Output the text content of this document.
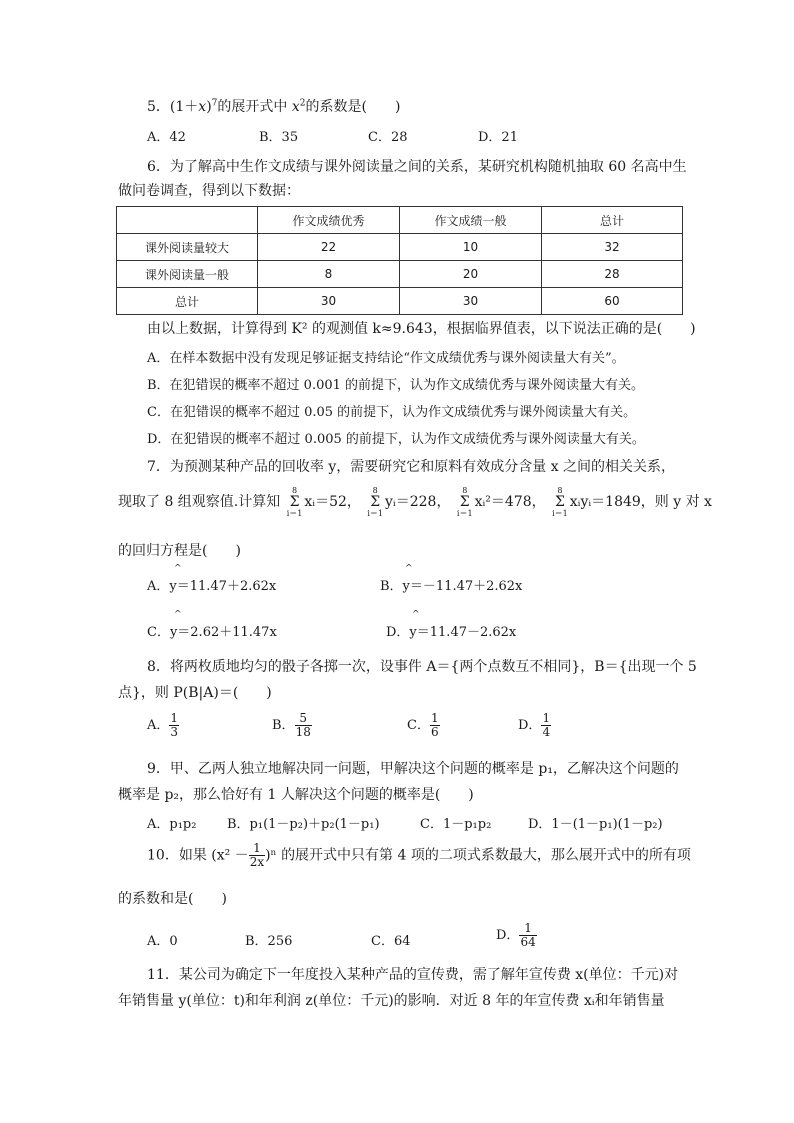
5．$(1+x)^7$的展开式中 $x^2$的系数是(　　)
A．42	B．35	C．28	D．21
6．为了解高中生作文成绩与课外阅读量之间的关系，某研究机构随机抽取 60 名高中生
做问卷调查，得到以下数据：
	作文成绩优秀	作文成绩一般	总计
课外阅读量较大	22	10	32
课外阅读量一般	8	20	28
总计	30	30	60
由以上数据，计算得到 K² 的观测值 k≈9.643，根据临界值表，以下说法正确的是(　　)
A．在样本数据中没有发现足够证据支持结论“作文成绩优秀与课外阅读量大有关”。
B．在犯错误的概率不超过 0.001 的前提下，认为作文成绩优秀与课外阅读量大有关。
C．在犯错误的概率不超过 0.05 的前提下，认为作文成绩优秀与课外阅读量大有关。
D．在犯错误的概率不超过 0.005 的前提下，认为作文成绩优秀与课外阅读量大有关。
7．为预测某种产品的回收率 y，需要研究它和原料有效成分含量 x 之间的相关关系，
现取了 8 组观察值.计算知 8
Σ
i＝1xᵢ＝52， 8
Σ
i＝1yᵢ＝228， 8
Σ
i＝1xᵢ²＝478， 8
Σ
i＝1xᵢyᵢ＝1849，则 y 对 x
的回归方程是(　　)
^
A．y＝11.47＋2.62x
^
B．y＝－11.47＋2.62x
^
C．y＝2.62＋11.47x
^
D．y＝11.47－2.62x
8．将两枚质地均匀的骰子各掷一次，设事件 A＝{两个点数互不相同}，B＝{出现一个 5
点}，则 P(B|A)＝(　　)
A． $\frac{1}{3}$	B． $\frac{5}{18}$	C． $\frac{1}{6}$	D． $\frac{1}{4}$
9．甲、乙两人独立地解决同一问题，甲解决这个问题的概率是 p₁，乙解决这个问题的
概率是 p₂，那么恰好有 1 人解决这个问题的概率是(　　)
A．p₁p₂ B．p₁(1－p₂)＋p₂(1－p₁)	C．1－p₁p₂	D．1－(1－p₁)(1－p₂)
10．如果 $(x^2 - \frac{1}{2x} )^n$ 的展开式中只有第 4 项的二项式系数最大，那么展开式中的所有项
的系数和是(　　)
A．0	B．256	C．64	D． $\frac{1}{64}$
11．某公司为确定下一年度投入某种产品的宣传费，需了解年宣传费 x(单位：千元)对
年销售量 y(单位：t)和年利润 z(单位：千元)的影响．对近 8 年的年宣传费 xᵢ和年销售量
